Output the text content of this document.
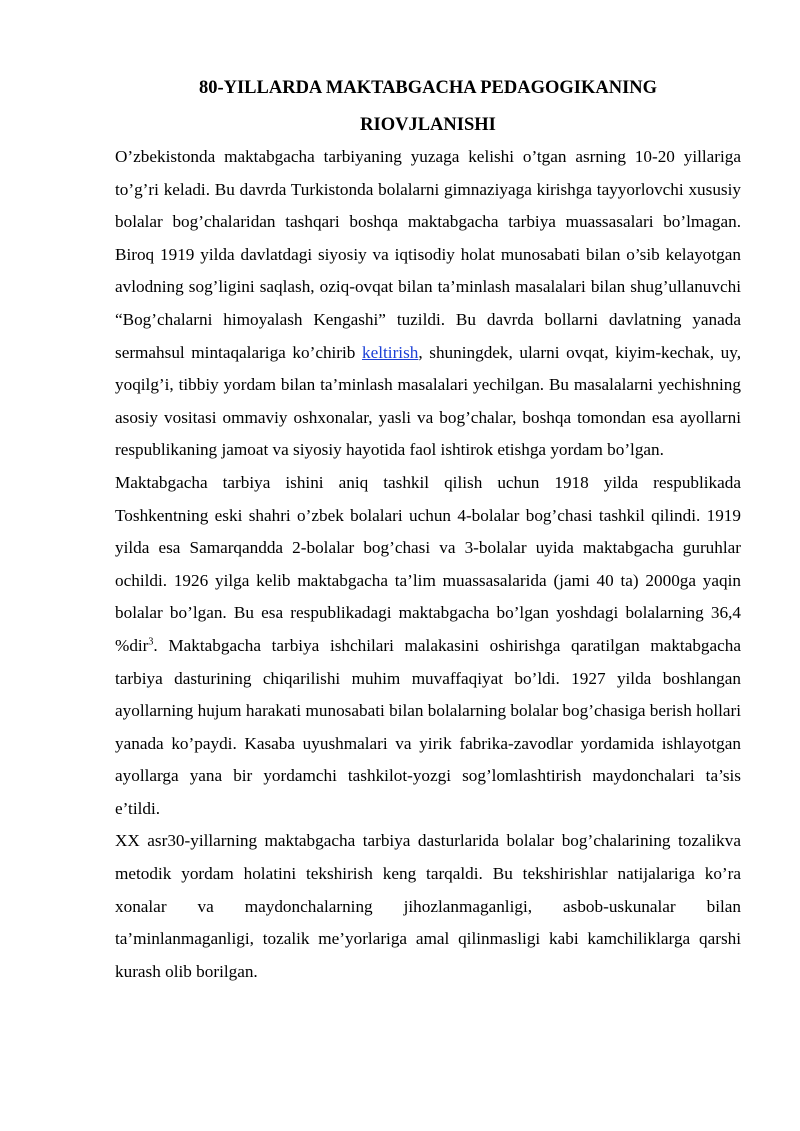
80-YILLARDA MAKTABGACHA PEDAGOGIKANING
RIOVJLANISHI

O’zbekistonda maktabgacha tarbiyaning yuzaga kelishi o’tgan asrning 10-20 yillariga to’g’ri keladi. Bu davrda Turkistonda bolalarni gimnaziyaga kirishga tayyorlovchi xususiy bolalar bog’chalaridan tashqari boshqa maktabgacha tarbiya muassasalari bo’lmagan. Biroq 1919 yilda davlatdagi siyosiy va iqtisodiy holat munosabati bilan o’sib kelayotgan avlodning sog’ligini saqlash, oziq-ovqat bilan ta’minlash masalalari bilan shug’ullanuvchi “Bog’chalarni himoyalash Kengashi” tuzildi. Bu davrda bollarni davlatning yanada sermahsul mintaqalariga ko’chirib keltirish, shuningdek, ularni ovqat, kiyim-kechak, uy, yoqilg’i, tibbiy yordam bilan ta’minlash masalalari yechilgan. Bu masalalarni yechishning asosiy vositasi ommaviy oshxonalar, yasli va bog’chalar, boshqa tomondan esa ayollarni respublikaning jamoat va siyosiy hayotida faol ishtirok etishga yordam bo’lgan.

Maktabgacha tarbiya ishini aniq tashkil qilish uchun 1918 yilda respublikada Toshkentning eski shahri o’zbek bolalari uchun 4-bolalar bog’chasi tashkil qilindi. 1919 yilda esa Samarqandda 2-bolalar bog’chasi va 3-bolalar uyida maktabgacha guruhlar ochildi. 1926 yilga kelib maktabgacha ta’lim muassasalarida (jami 40 ta) 2000ga yaqin bolalar bo’lgan. Bu esa respublikadagi maktabgacha bo’lgan yoshdagi bolalarning 36,4 %dir$^3$. Maktabgacha tarbiya ishchilari malakasini oshirishga qaratilgan maktabgacha tarbiya dasturining chiqarilishi muhim muvaffaqiyat bo’ldi. 1927 yilda boshlangan ayollarning hujum harakati munosabati bilan bolalarning bolalar bog’chasiga berish hollari yanada ko’paydi. Kasaba uyushmalari va yirik fabrika-zavodlar yordamida ishlayotgan ayollarga yana bir yordamchi tashkilot-yozgi sog’lomlashtirish maydonchalari ta’sis e’tildi.

XX asr30-yillarning maktabgacha tarbiya dasturlarida bolalar bog’chalarining tozalikva metodik yordam holatini tekshirish keng tarqaldi. Bu tekshirishlar natijalariga ko’ra xonalar va maydonchalarning jihozlanmaganligi, asbob-uskunalar bilan ta’minlanmaganligi, tozalik me’yorlariga amal qilinmasligi kabi kamchiliklarga qarshi kurash olib borilgan.
